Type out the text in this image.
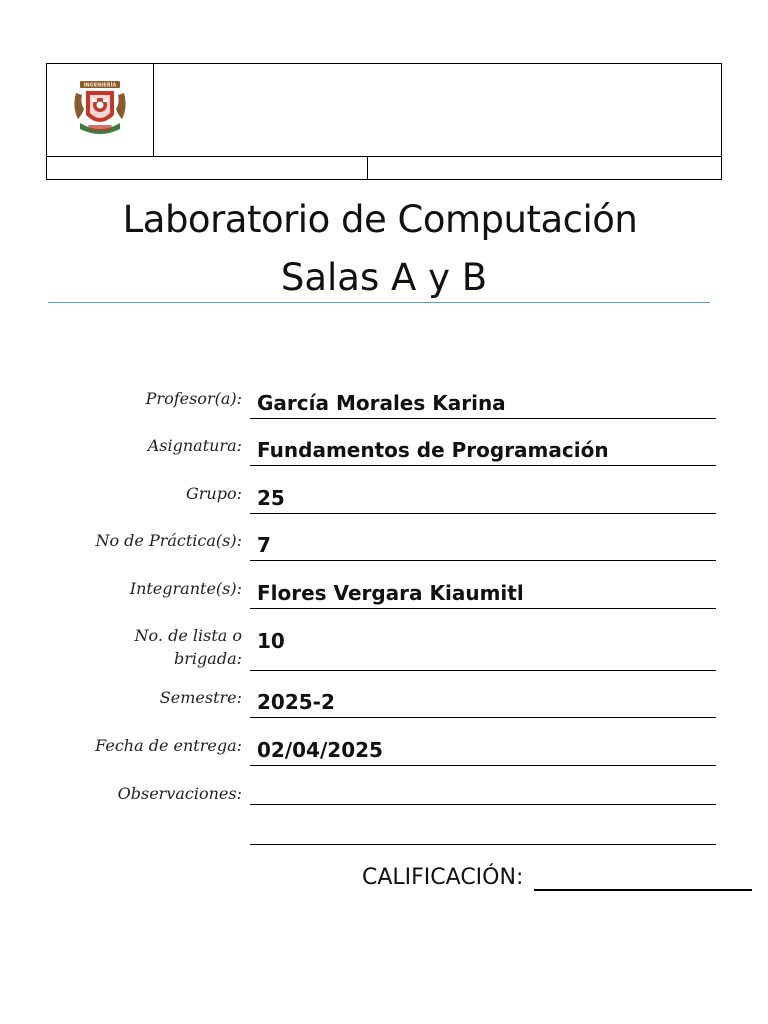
INGENIERÍA
Laboratorio de Computación
Salas A y B
Profesor(a): García Morales Karina
Asignatura: Fundamentos de Programación
Grupo: 25
No de Práctica(s): 7
Integrante(s): Flores Vergara Kiaumitl
No. de lista o
brigada:
10
Semestre: 2025-2
Fecha de entrega: 02/04/2025
Observaciones:
CALIFICACIÓN:
